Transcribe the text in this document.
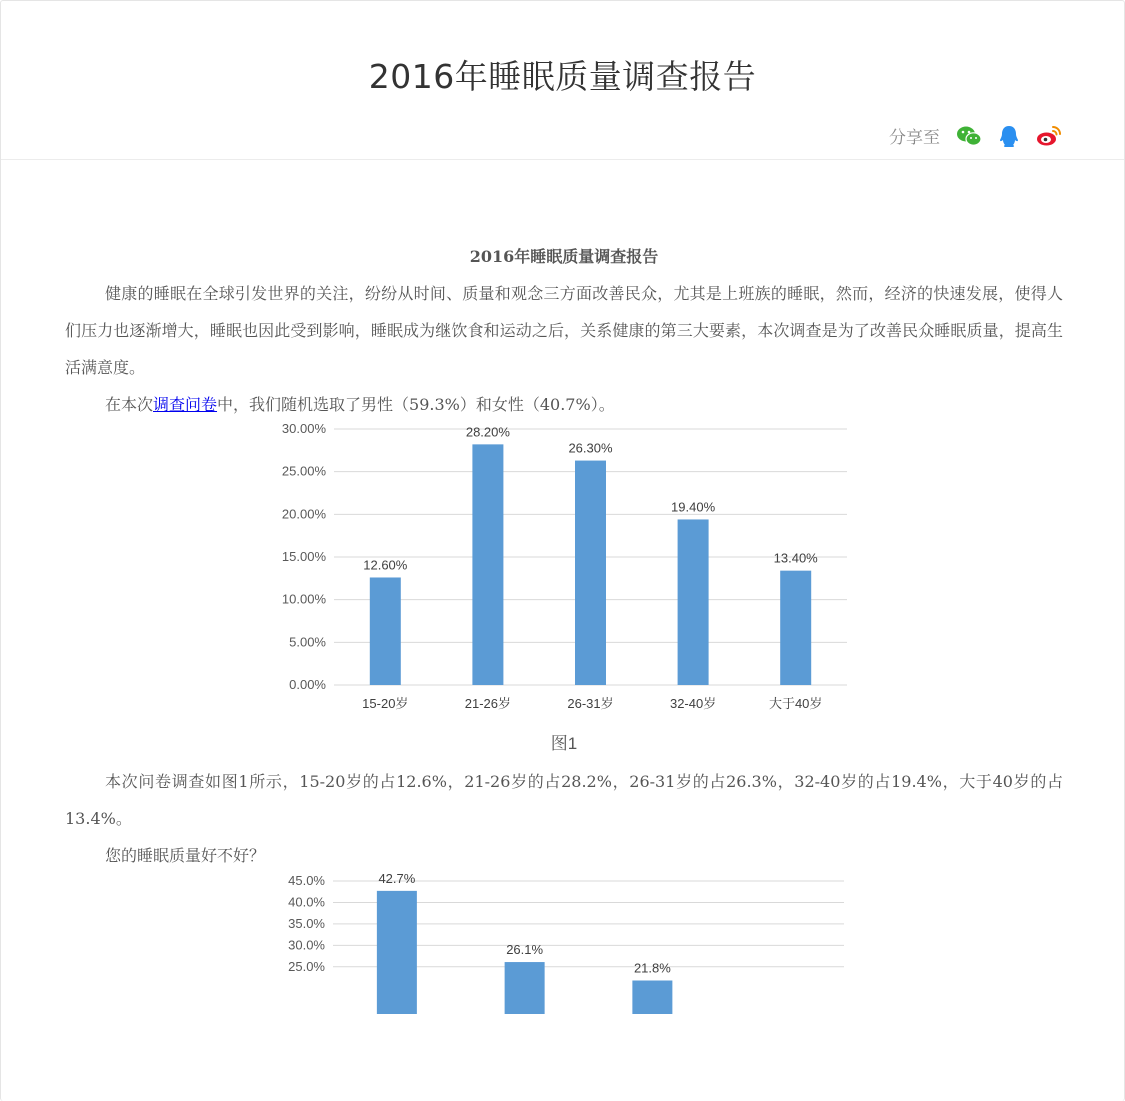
2016年睡眠质量调查报告
分享至

2016年睡眠质量调查报告

健康的睡眠在全球引发世界的关注，纷纷从时间、质量和观念三方面改善民众，尤其是上班族的睡眠，然而，经济的快速发展，使得人们压力也逐渐增大，睡眠也因此受到影响，睡眠成为继饮食和运动之后，关系健康的第三大要素，本次调查是为了改善民众睡眠质量，提高生活满意度。

在本次调查问卷中，我们随机选取了男性（59.3%）和女性（40.7%）。

0.00%
5.00%
10.00%
15.00%
20.00%
25.00%
30.00%
12.60%
15-20岁
28.20%
21-26岁
26.30%
26-31岁
19.40%
32-40岁
13.40%
大于40岁

图1

本次问卷调查如图1所示，15-20岁的占12.6%，21-26岁的占28.2%，26-31岁的占26.3%，32-40岁的占19.4%，大于40岁的占13.4%。

您的睡眠质量好不好？

25.0%
30.0%
35.0%
40.0%
45.0%	42.7%
26.1%
21.8%
